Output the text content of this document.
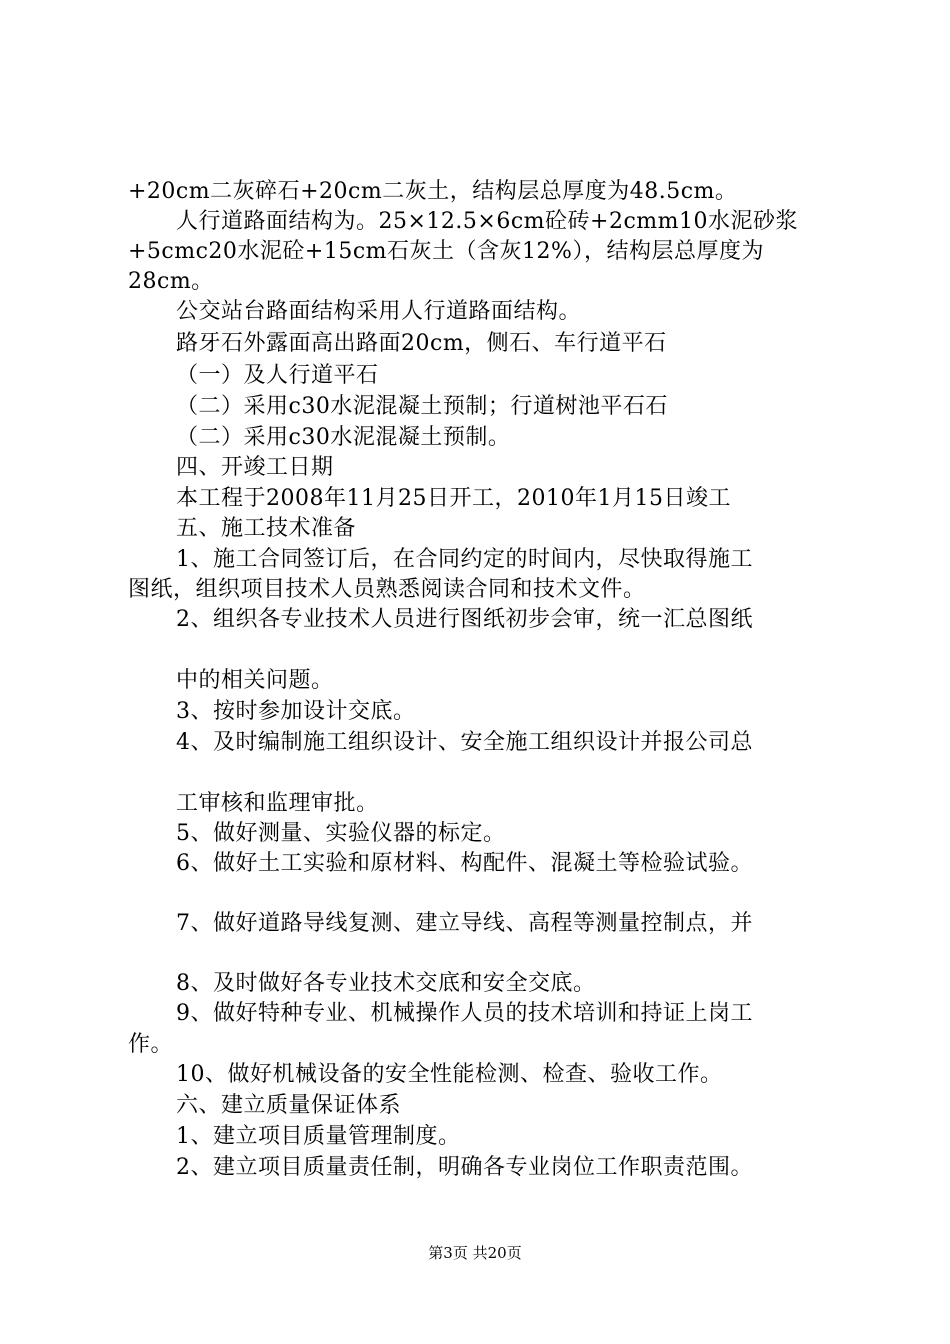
+20cm二灰碎石+20cm二灰土，结构层总厚度为48.5cm。
人行道路面结构为。25×12.5×6cm砼砖+2cmm10水泥砂浆
+5cmc20水泥砼+15cm石灰土（含灰12%），结构层总厚度为
28cm。
公交站台路面结构采用人行道路面结构。
路牙石外露面高出路面20cm，侧石、车行道平石
（一）及人行道平石
（二）采用c30水泥混凝土预制；行道树池平石石
（二）采用c30水泥混凝土预制。
四、开竣工日期
本工程于2008年11月25日开工，2010年1月15日竣工
五、施工技术准备
1、施工合同签订后，在合同约定的时间内，尽快取得施工
图纸，组织项目技术人员熟悉阅读合同和技术文件。
2、组织各专业技术人员进行图纸初步会审，统一汇总图纸
中的相关问题。
3、按时参加设计交底。
4、及时编制施工组织设计、安全施工组织设计并报公司总
工审核和监理审批。
5、做好测量、实验仪器的标定。
6、做好土工实验和原材料、构配件、混凝土等检验试验。
7、做好道路导线复测、建立导线、高程等测量控制点，并
8、及时做好各专业技术交底和安全交底。
9、做好特种专业、机械操作人员的技术培训和持证上岗工
作。
10、做好机械设备的安全性能检测、检查、验收工作。
六、建立质量保证体系
1、建立项目质量管理制度。
2、建立项目质量责任制，明确各专业岗位工作职责范围。
第3页 共20页
